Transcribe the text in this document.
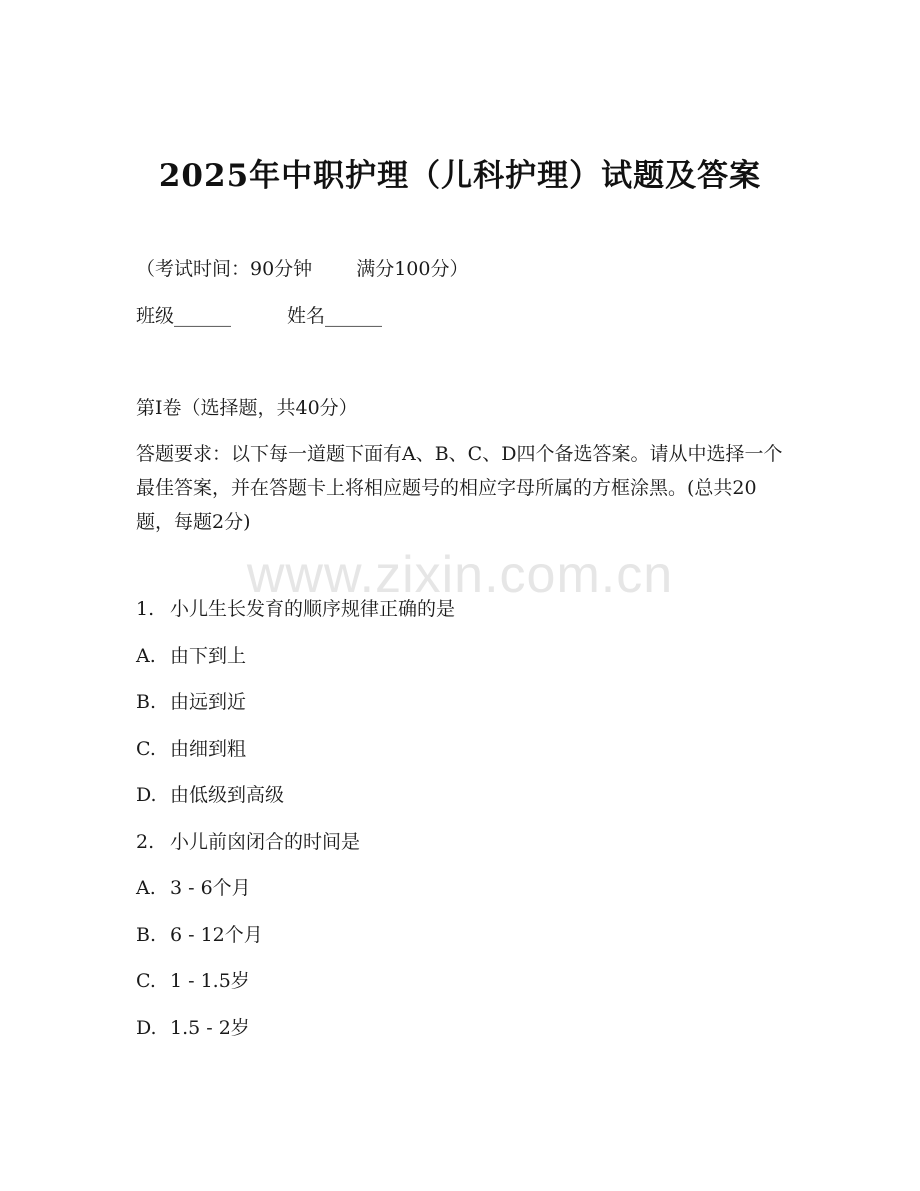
2025年中职护理（儿科护理）试题及答案
（考试时间：90分钟 满分100分）
班级______	姓名______
第Ⅰ卷（选择题，共40分）
答题要求：以下每一道题下面有A、B、C、D四个备选答案。请从中选择一个最佳答案，并在答题卡上将相应题号的相应字母所属的方框涂黑。(总共20题，每题2分)
www.zixin.com.cn
1. 小儿生长发育的顺序规律正确的是
A. 由下到上
B. 由远到近
C. 由细到粗
D. 由低级到高级
2. 小儿前囟闭合的时间是
A. 3 - 6个月
B. 6 - 12个月
C. 1 - 1.5岁
D. 1.5 - 2岁
